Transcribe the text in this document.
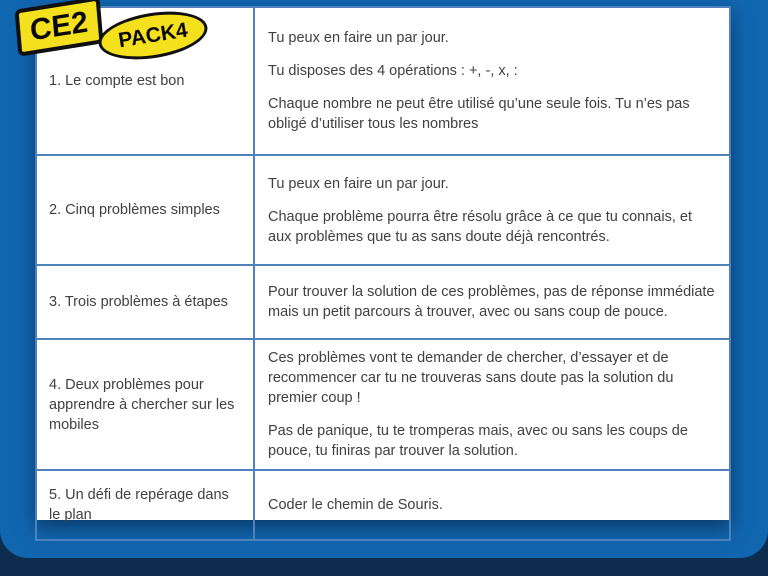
1. Le compte est bon	Tu peux en faire un par jour.

Tu disposes des 4 opérations : +, -, x, :

Chaque nombre ne peut être utilisé qu’une seule fois. Tu n’es pas obligé d’utiliser tous les nombres

2. Cinq problèmes simples	Tu peux en faire un par jour.

Chaque problème pourra être résolu grâce à ce que tu connais, et aux problèmes que tu as sans doute déjà rencontrés.

3. Trois problèmes à étapes	Pour trouver la solution de ces problèmes, pas de réponse immédiate mais un petit parcours à trouver, avec ou sans coup de pouce.

4. Deux problèmes pour apprendre à chercher sur les mobiles	Ces problèmes vont te demander de chercher, d’essayer et de recommencer car tu ne trouveras sans doute pas la solution du premier coup !

Pas de panique, tu te tromperas mais, avec ou sans les coups de pouce, tu finiras par trouver la solution.

5. Un défi de repérage dans le plan	Coder le chemin de Souris.

CE2	PACK4
